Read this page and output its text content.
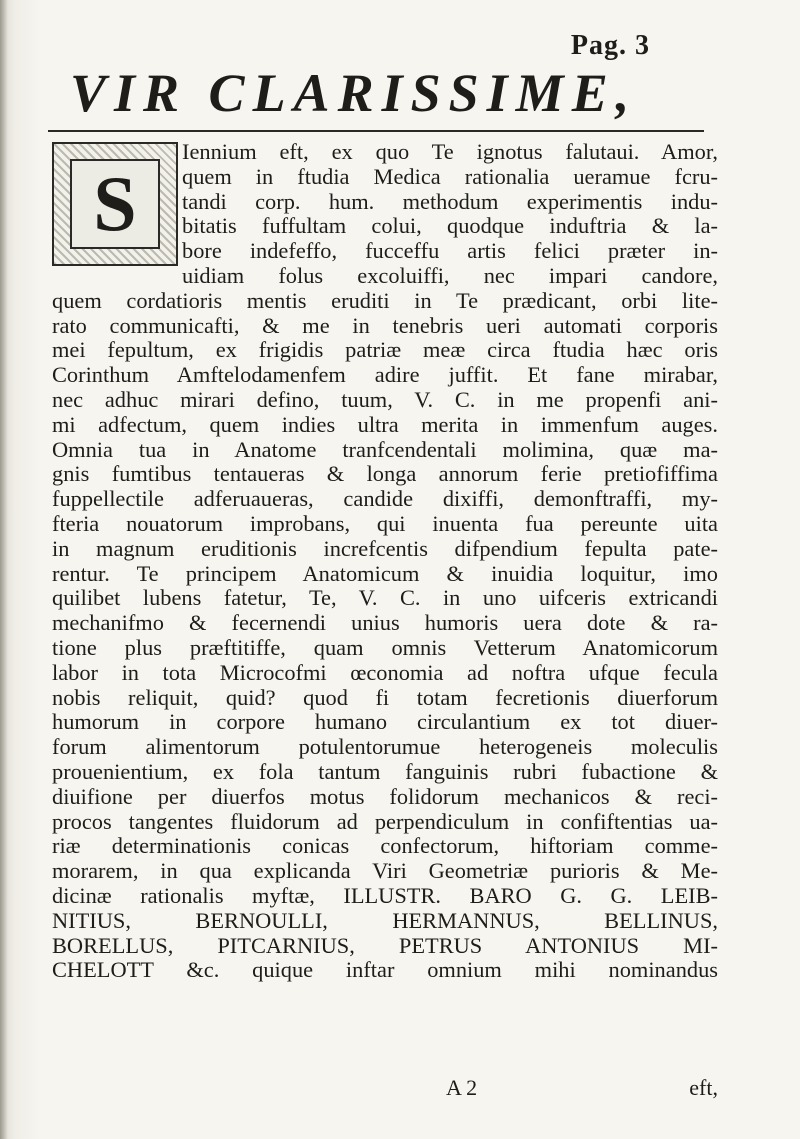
Pag. 3
VIR CLARISSIME,
S
Iennium eft, ex quo Te ignotus falutaui. Amor,
quem in ftudia Medica rationalia ueramue fcru-
tandi corp. hum. methodum experimentis indu-
bitatis fuffultam colui, quodque induftria & la-
bore indefeffo, fucceffu artis felici præter in-
uidiam folus excoluiffi, nec impari candore,
quem cordatioris mentis eruditi in Te prædicant, orbi lite-
rato communicafti, & me in tenebris ueri automati corporis
mei fepultum, ex frigidis patriæ meæ circa ftudia hæc oris
Corinthum Amftelodamenfem adire juffit. Et fane mirabar,
nec adhuc mirari defino, tuum, V. C. in me propenfi ani-
mi adfectum, quem indies ultra merita in immenfum auges.
Omnia tua in Anatome tranfcendentali molimina, quæ ma-
gnis fumtibus tentaueras & longa annorum ferie pretiofiffima
fuppellectile adferuaueras, candide dixiffi, demonftraffi, my-
fteria nouatorum improbans, qui inuenta fua pereunte uita
in magnum eruditionis increfcentis difpendium fepulta pate-
rentur. Te principem Anatomicum & inuidia loquitur, imo
quilibet lubens fatetur, Te, V. C. in uno uifceris extricandi
mechanifmo & fecernendi unius humoris uera dote & ra-
tione plus præftitiffe, quam omnis Vetterum Anatomicorum
labor in tota Microcofmi œconomia ad noftra ufque fecula
nobis reliquit, quid? quod fi totam fecretionis diuerforum
humorum in corpore humano circulantium ex tot diuer-
forum alimentorum potulentorumue heterogeneis moleculis
prouenientium, ex fola tantum fanguinis rubri fubactione &
diuifione per diuerfos motus folidorum mechanicos & reci-
procos tangentes fluidorum ad perpendiculum in confiftentias ua-
riæ determinationis conicas confectorum, hiftoriam comme-
morarem, in qua explicanda Viri Geometriæ purioris & Me-
dicinæ rationalis myftæ, ILLUSTR. BARO G. G. LEIB-
NITIUS, BERNOULLI, HERMANNUS, BELLINUS,
BORELLUS, PITCARNIUS, PETRUS ANTONIUS MI-
CHELOTT &c. quique inftar omnium mihi nominandus
A 2	eft,
